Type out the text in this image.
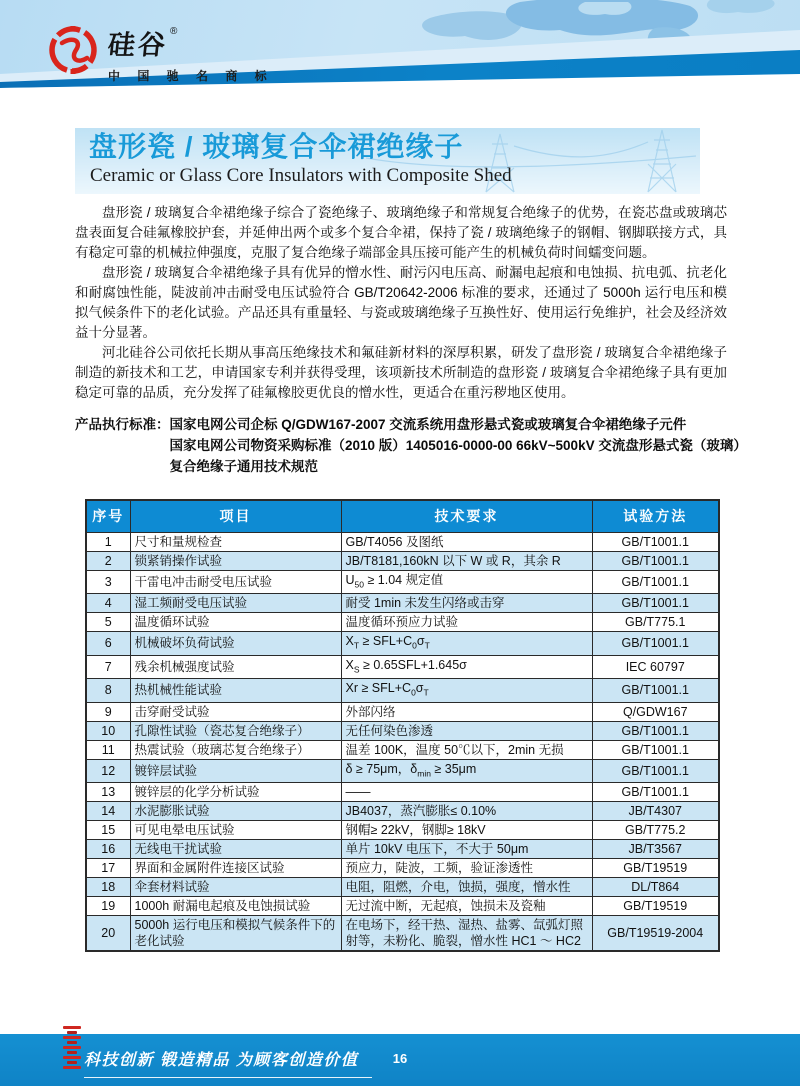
硅谷 ®
中 国 驰 名 商 标
盘形瓷 / 玻璃复合伞裙绝缘子
Ceramic or Glass Core Insulators with Composite Shed

盘形瓷 / 玻璃复合伞裙绝缘子综合了瓷绝缘子、玻璃绝缘子和常规复合绝缘子的优势，在瓷芯盘或玻璃芯盘表面复合硅氟橡胶护套，并延伸出两个或多个复合伞裙，保持了瓷 / 玻璃绝缘子的钢帽、钢脚联接方式，具有稳定可靠的机械拉伸强度，克服了复合绝缘子端部金具压接可能产生的机械负荷时间蠕变问题。

盘形瓷 / 玻璃复合伞裙绝缘子具有优异的憎水性、耐污闪电压高、耐漏电起痕和电蚀损、抗电弧、抗老化和耐腐蚀性能，陡波前冲击耐受电压试验符合 GB/T20642-2006 标准的要求，还通过了 5000h 运行电压和模拟气候条件下的老化试验。产品还具有重量轻、与瓷或玻璃绝缘子互换性好、使用运行免维护，社会及经济效益十分显著。

河北硅谷公司依托长期从事高压绝缘技术和氟硅新材料的深厚积累，研发了盘形瓷 / 玻璃复合伞裙绝缘子制造的新技术和工艺，申请国家专利并获得受理，该项新技术所制造的盘形瓷 / 玻璃复合伞裙绝缘子具有更加稳定可靠的品质，充分发挥了硅氟橡胶更优良的憎水性，更适合在重污秽地区使用。

产品执行标准： 国家电网公司企标 Q/GDW167-2007 交流系统用盘形悬式瓷或玻璃复合伞裙绝缘子元件
国家电网公司物资采购标准（2010 版）1405016-0000-00 66kV~500kV 交流盘形悬式瓷（玻璃）
复合绝缘子通用技术规范
序号	项目	技术要求	试验方法
1	尺寸和量规检查	GB/T4056 及图纸	GB/T1001.1
2	锁紧销操作试验	JB/T8181,160kN 以下 W 或 R，其余 R	GB/T1001.1
3	干雷电冲击耐受电压试验	$U_{50} \ge 1.04$ 规定值	GB/T1001.1
4	湿工频耐受电压试验	耐受 1min 未发生闪络或击穿	GB/T1001.1
5	温度循环试验	温度循环预应力试验	GB/T775.1
6	机械破坏负荷试验	$X_T \ge SFL+C_0\sigma_T$	GB/T1001.1
7	残余机械强度试验	$X_S \ge 0.65SFL+1.645\sigma$	IEC 60797
8	热机械性能试验	$Xr \ge SFL+C_0\sigma_T$	GB/T1001.1
9	击穿耐受试验	外部闪络	Q/GDW167
10	孔隙性试验（瓷芯复合绝缘子）	无任何染色渗透	GB/T1001.1
11	热震试验（玻璃芯复合绝缘子）	温差 100K，温度 50℃以下，2min 无损	GB/T1001.1
12	镀锌层试验	δ ≥ 75μm，$\delta_{min} \ge 35\mu m$	GB/T1001.1
13	镀锌层的化学分析试验	——	GB/T1001.1
14	水泥膨胀试验	JB4037，蒸汽膨胀≤ 0.10%	JB/T4307
15	可见电晕电压试验	钢帽≥ 22kV，钢脚≥ 18kV	GB/T775.2
16	无线电干扰试验	单片 10kV 电压下，不大于 50μm	JB/T3567
17	界面和金属附件连接区试验	预应力，陡波，工频，验证渗透性	GB/T19519
18	伞套材料试验	电阻，阻燃，介电，蚀损，强度，憎水性	DL/T864
19	1000h 耐漏电起痕及电蚀损试验	无过流中断，无起痕，蚀损未及瓷釉	GB/T19519
20	5000h 运行电压和模拟气候条件下的老化试验	在电场下，经干热、湿热、盐雾、氙弧灯照射等，未粉化、脆裂，憎水性 HC1 ～ HC2	GB/T19519-2004
科技创新 锻造精品 为顾客创造价值	16
